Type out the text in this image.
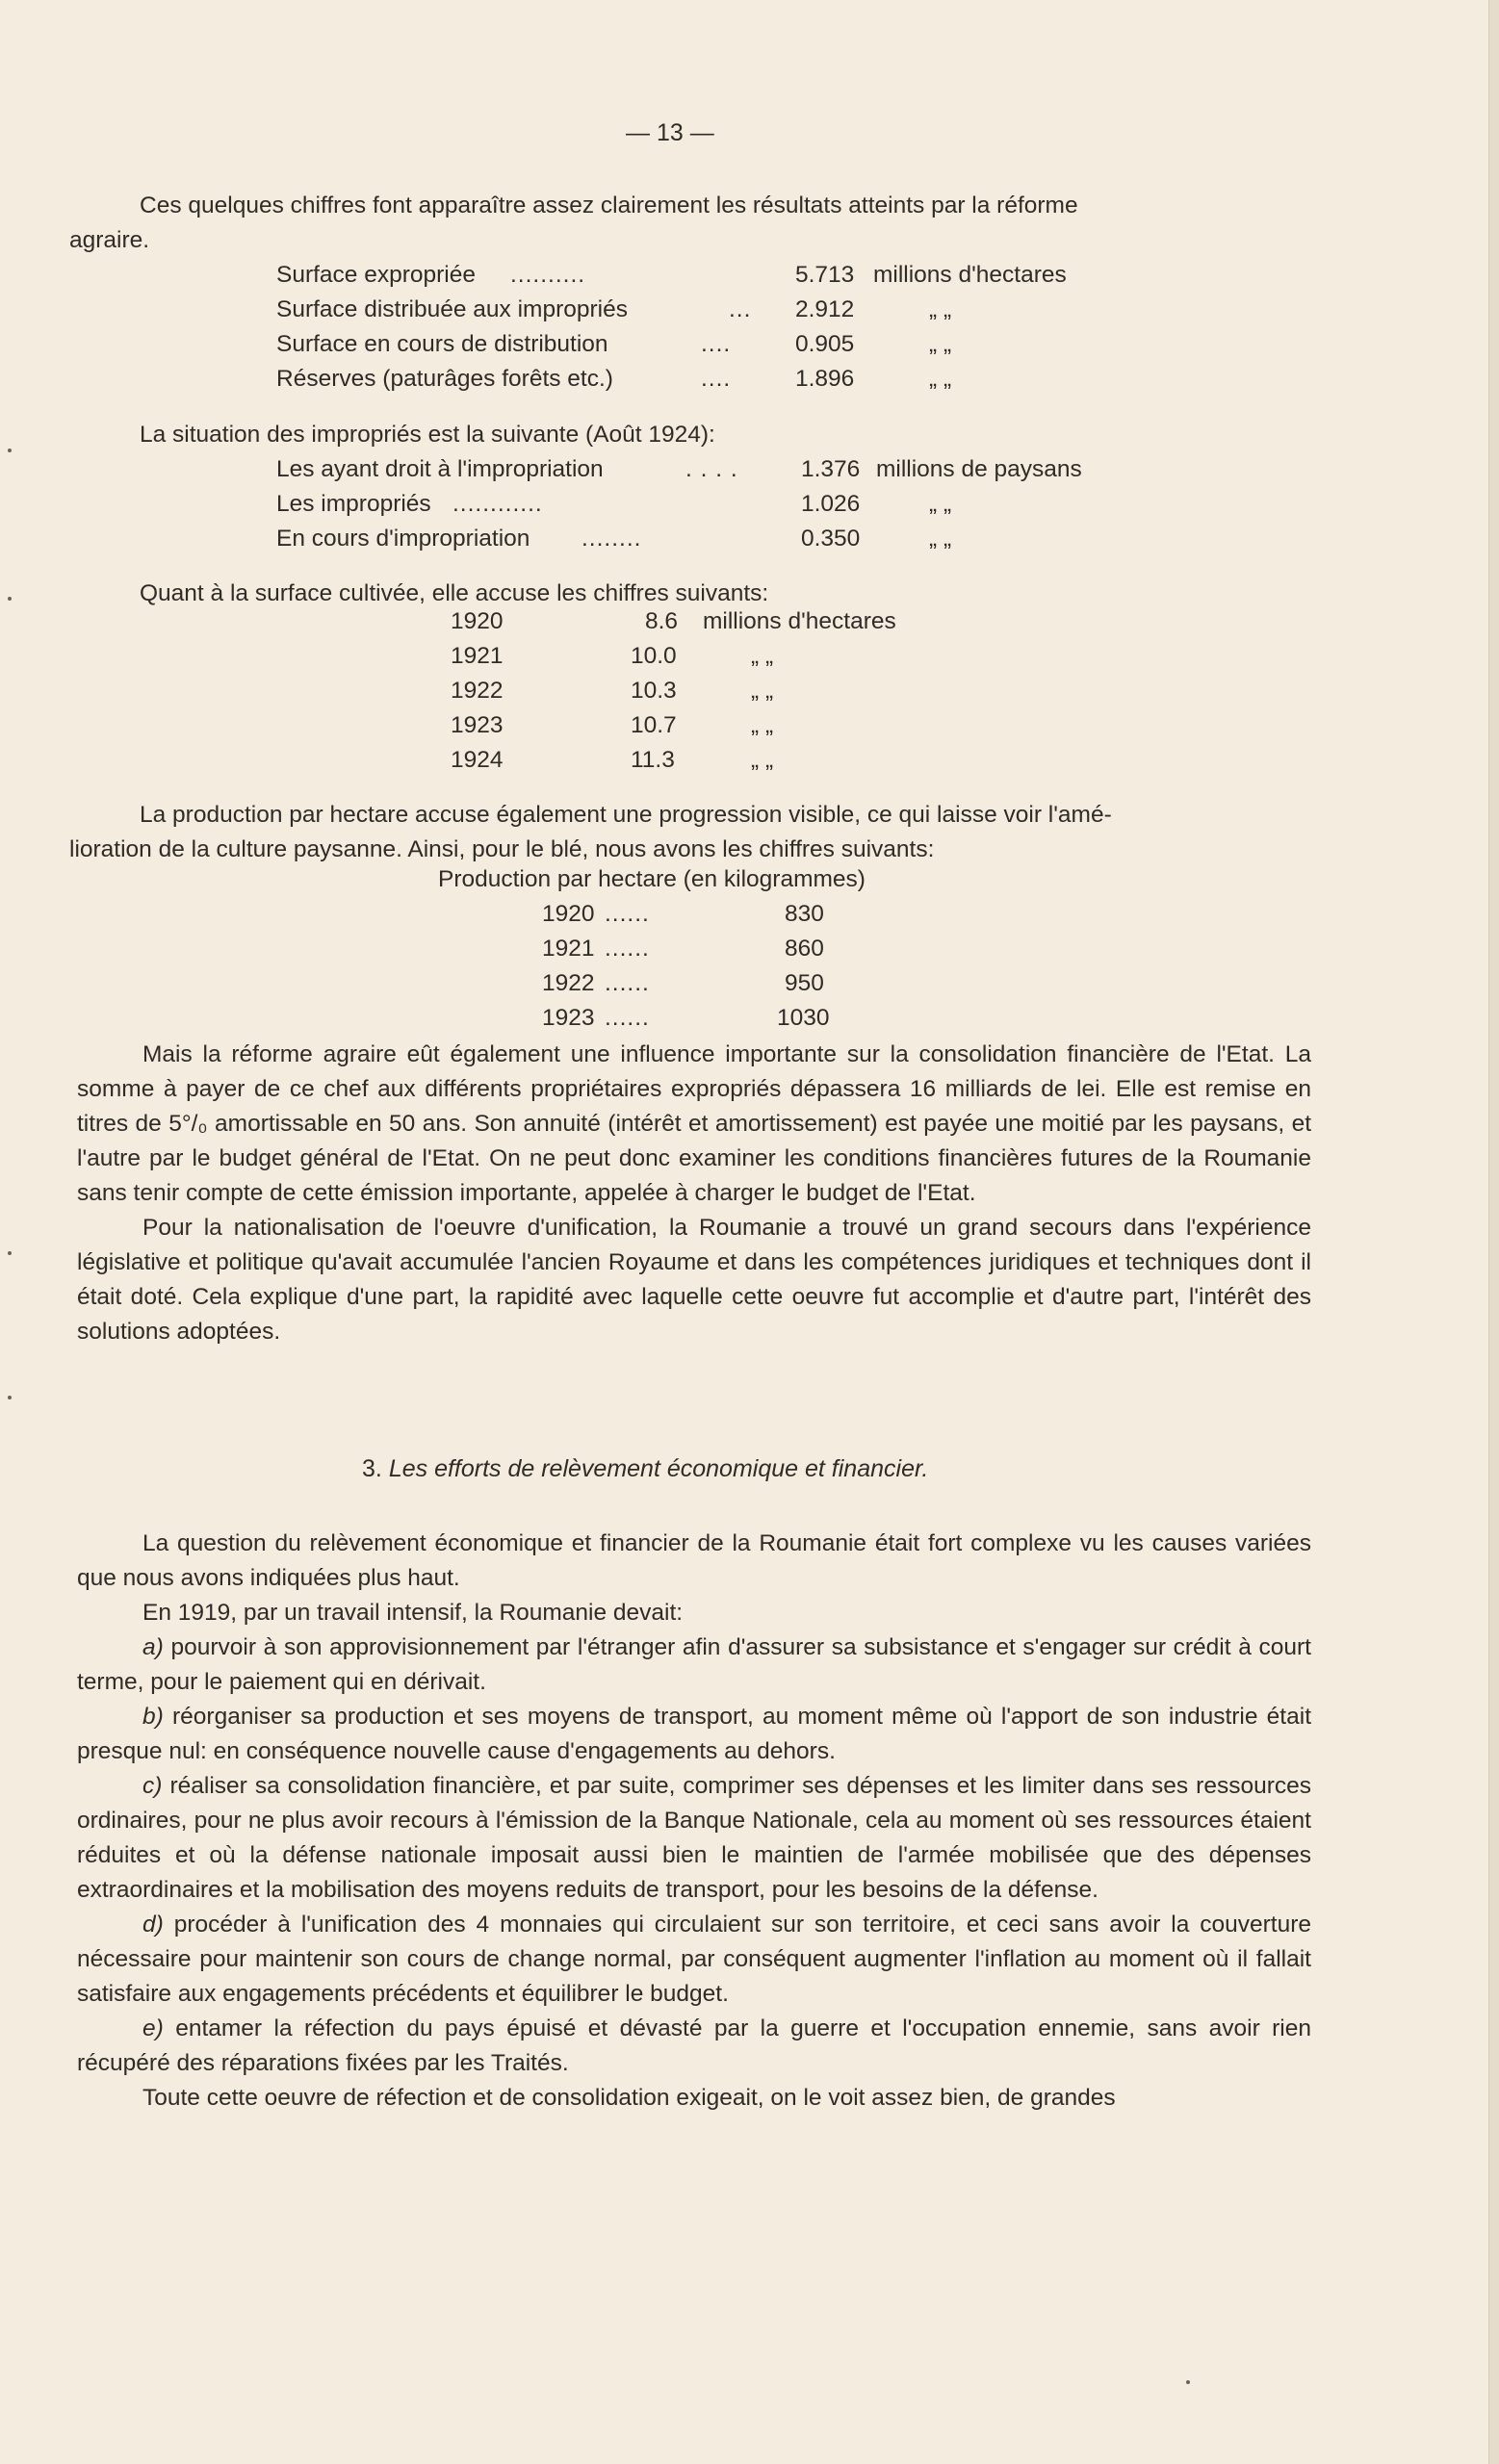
— 13 —
Ces quelques chiffres font apparaître assez clairement les résultats atteints par la réforme
agraire.
Surface expropriée ..........	5.713 millions d'hectares
Surface distribuée aux impropriés	... 2.912	„ „
Surface en cours de distribution	....	0.905	„ „
Réserves (paturâges forêts etc.)	....	1.896	„ „
La situation des impropriés est la suivante (Août 1924):
Les ayant droit à l'impropriation	. . . .	1.376 millions de paysans
Les impropriés ............	1.026	„ „
En cours d'impropriation ........	0.350	„ „
Quant à la surface cultivée, elle accuse les chiffres suivants:
1920	8.6 millions d'hectares
1921	10.0	„ „
1922	10.3	„ „
1923	10.7	„ „
1924	11.3	„ „
La production par hectare accuse également une progression visible, ce qui laisse voir l'amé-
lioration de la culture paysanne. Ainsi, pour le blé, nous avons les chiffres suivants:
Production par hectare (en kilogrammes)
1920 ......	830
1921 ......	860
1922 ......	950
1923 ......	1030

Mais la réforme agraire eût également une influence importante sur la consolidation financière de l'Etat. La somme à payer de ce chef aux différents propriétaires expropriés dépassera 16 milliards de lei. Elle est remise en titres de 5°/₀ amortissable en 50 ans. Son annuité (intérêt et amortissement) est payée une moitié par les paysans, et l'autre par le budget général de l'Etat. On ne peut donc examiner les conditions financières futures de la Roumanie sans tenir compte de cette émission importante, appelée à charger le budget de l'Etat.

Pour la nationalisation de l'oeuvre d'unification, la Roumanie a trouvé un grand secours dans l'expérience législative et politique qu'avait accumulée l'ancien Royaume et dans les compétences juridiques et techniques dont il était doté. Cela explique d'une part, la rapidité avec laquelle cette oeuvre fut accomplie et d'autre part, l'intérêt des solutions adoptées.

3. Les efforts de relèvement économique et financier.

La question du relèvement économique et financier de la Roumanie était fort complexe vu les causes variées que nous avons indiquées plus haut.

En 1919, par un travail intensif, la Roumanie devait:

a) pourvoir à son approvisionnement par l'étranger afin d'assurer sa subsistance et s'engager sur crédit à court terme, pour le paiement qui en dérivait.

b) réorganiser sa production et ses moyens de transport, au moment même où l'apport de son industrie était presque nul: en conséquence nouvelle cause d'engagements au dehors.

c) réaliser sa consolidation financière, et par suite, comprimer ses dépenses et les limiter dans ses ressources ordinaires, pour ne plus avoir recours à l'émission de la Banque Nationale, cela au moment où ses ressources étaient réduites et où la défense nationale imposait aussi bien le maintien de l'armée mobilisée que des dépenses extraordinaires et la mobilisation des moyens reduits de transport, pour les besoins de la défense.

d) procéder à l'unification des 4 monnaies qui circulaient sur son territoire, et ceci sans avoir la couverture nécessaire pour maintenir son cours de change normal, par conséquent augmenter l'inflation au moment où il fallait satisfaire aux engagements précédents et équilibrer le budget.

e) entamer la réfection du pays épuisé et dévasté par la guerre et l'occupation ennemie, sans avoir rien récupéré des réparations fixées par les Traités.

Toute cette oeuvre de réfection et de consolidation exigeait, on le voit assez bien, de grandes
